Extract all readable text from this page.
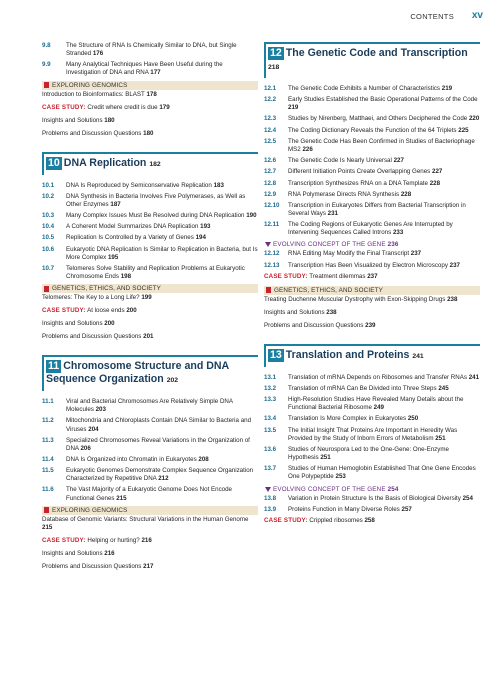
CONTENTS xv
9.8	The Structure of RNA Is Chemically Similar to DNA, but Single Stranded 176
9.9	Many Analytical Techniques Have Been Useful during the Investigation of DNA and RNA 177
EXPLORING GENOMICS
Introduction to Bioinformatics: BLAST 178
CASE STUDY: Credit where credit is due 179
Insights and Solutions 180
Problems and Discussion Questions 180
10 DNA Replication 182
10.1	DNA Is Reproduced by Semiconservative Replication 183
10.2	DNA Synthesis in Bacteria Involves Five Polymerases, as Well as Other Enzymes 187
10.3	Many Complex Issues Must Be Resolved during DNA Replication 190
10.4	A Coherent Model Summarizes DNA Replication 193
10.5	Replication Is Controlled by a Variety of Genes 194
10.6	Eukaryotic DNA Replication Is Similar to Replication in Bacteria, but Is More Complex 195
10.7	Telomeres Solve Stability and Replication Problems at Eukaryotic Chromosome Ends 198
GENETICS, ETHICS, AND SOCIETY
Telomeres: The Key to a Long Life? 199
CASE STUDY: At loose ends 200
Insights and Solutions 200
Problems and Discussion Questions 201
11 Chromosome Structure and DNA Sequence Organization 202
11.1	Viral and Bacterial Chromosomes Are Relatively Simple DNA Molecules 203
11.2	Mitochondria and Chloroplasts Contain DNA Similar to Bacteria and Viruses 204
11.3	Specialized Chromosomes Reveal Variations in the Organization of DNA 206
11.4	DNA Is Organized into Chromatin in Eukaryotes 208
11.5	Eukaryotic Genomes Demonstrate Complex Sequence Organization Characterized by Repetitive DNA 212
11.6	The Vast Majority of a Eukaryotic Genome Does Not Encode Functional Genes 215
EXPLORING GENOMICS
Database of Genomic Variants: Structural Variations in the Human Genome 215
CASE STUDY: Helping or hurting? 216
Insights and Solutions 216
Problems and Discussion Questions 217
12 The Genetic Code and Transcription 218
12.1	The Genetic Code Exhibits a Number of Characteristics 219
12.2	Early Studies Established the Basic Operational Patterns of the Code 219
12.3	Studies by Nirenberg, Matthaei, and Others Deciphered the Code 220
12.4	The Coding Dictionary Reveals the Function of the 64 Triplets 225
12.5	The Genetic Code Has Been Confirmed in Studies of Bacteriophage MS2 226
12.6	The Genetic Code Is Nearly Universal 227
12.7	Different Initiation Points Create Overlapping Genes 227
12.8	Transcription Synthesizes RNA on a DNA Template 228
12.9	RNA Polymerase Directs RNA Synthesis 228
12.10	Transcription in Eukaryotes Differs from Bacterial Transcription in Several Ways 231
12.11	The Coding Regions of Eukaryotic Genes Are Interrupted by Intervening Sequences Called Introns 233
EVOLVING CONCEPT OF THE GENE 236
12.12	RNA Editing May Modify the Final Transcript 237
12.13	Transcription Has Been Visualized by Electron Microscopy 237
CASE STUDY: Treatment dilemmas 237
GENETICS, ETHICS, AND SOCIETY
Treating Duchenne Muscular Dystrophy with Exon-Skipping Drugs 238
Insights and Solutions 238
Problems and Discussion Questions 239
13 Translation and Proteins 241
13.1	Translation of mRNA Depends on Ribosomes and Transfer RNAs 241
13.2	Translation of mRNA Can Be Divided into Three Steps 245
13.3	High-Resolution Studies Have Revealed Many Details about the Functional Bacterial Ribosome 249
13.4	Translation Is More Complex in Eukaryotes 250
13.5	The Initial Insight That Proteins Are Important in Heredity Was Provided by the Study of Inborn Errors of Metabolism 251
13.6	Studies of Neurospora Led to the One-Gene: One-Enzyme Hypothesis 251
13.7	Studies of Human Hemoglobin Established That One Gene Encodes One Polypeptide 253
EVOLVING CONCEPT OF THE GENE 254
13.8	Variation in Protein Structure Is the Basis of Biological Diversity 254
13.9	Proteins Function in Many Diverse Roles 257
CASE STUDY: Crippled ribosomes 258
